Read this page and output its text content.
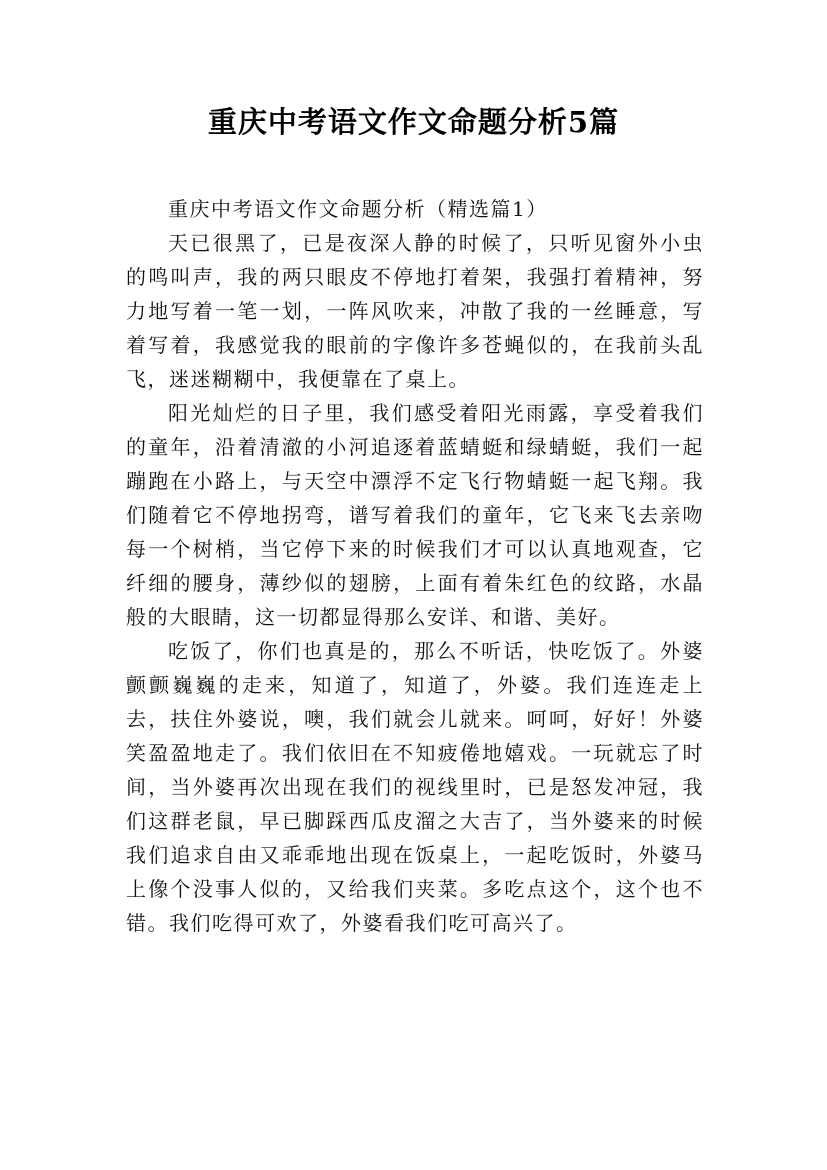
重庆中考语文作文命题分析5篇

重庆中考语文作文命题分析（精选篇1）

天已很黑了，已是夜深人静的时候了，只听见窗外小虫的鸣叫声，我的两只眼皮不停地打着架，我强打着精神，努力地写着一笔一划，一阵风吹来，冲散了我的一丝睡意，写着写着，我感觉我的眼前的字像许多苍蝇似的，在我前头乱飞，迷迷糊糊中，我便靠在了桌上。

阳光灿烂的日子里，我们感受着阳光雨露，享受着我们的童年，沿着清澈的小河追逐着蓝蜻蜓和绿蜻蜓，我们一起蹦跑在小路上，与天空中漂浮不定飞行物蜻蜓一起飞翔。我们随着它不停地拐弯，谱写着我们的童年，它飞来飞去亲吻每一个树梢，当它停下来的时候我们才可以认真地观查，它纤细的腰身，薄纱似的翅膀，上面有着朱红色的纹路，水晶般的大眼睛，这一切都显得那么安详、和谐、美好。

吃饭了，你们也真是的，那么不听话，快吃饭了。外婆颤颤巍巍的走来，知道了，知道了，外婆。我们连连走上去，扶住外婆说，噢，我们就会儿就来。呵呵，好好！外婆笑盈盈地走了。我们依旧在不知疲倦地嬉戏。一玩就忘了时间，当外婆再次出现在我们的视线里时，已是怒发冲冠，我们这群老鼠，早已脚踩西瓜皮溜之大吉了，当外婆来的时候我们追求自由又乖乖地出现在饭桌上，一起吃饭时，外婆马上像个没事人似的，又给我们夹菜。多吃点这个，这个也不错。我们吃得可欢了，外婆看我们吃可高兴了。
